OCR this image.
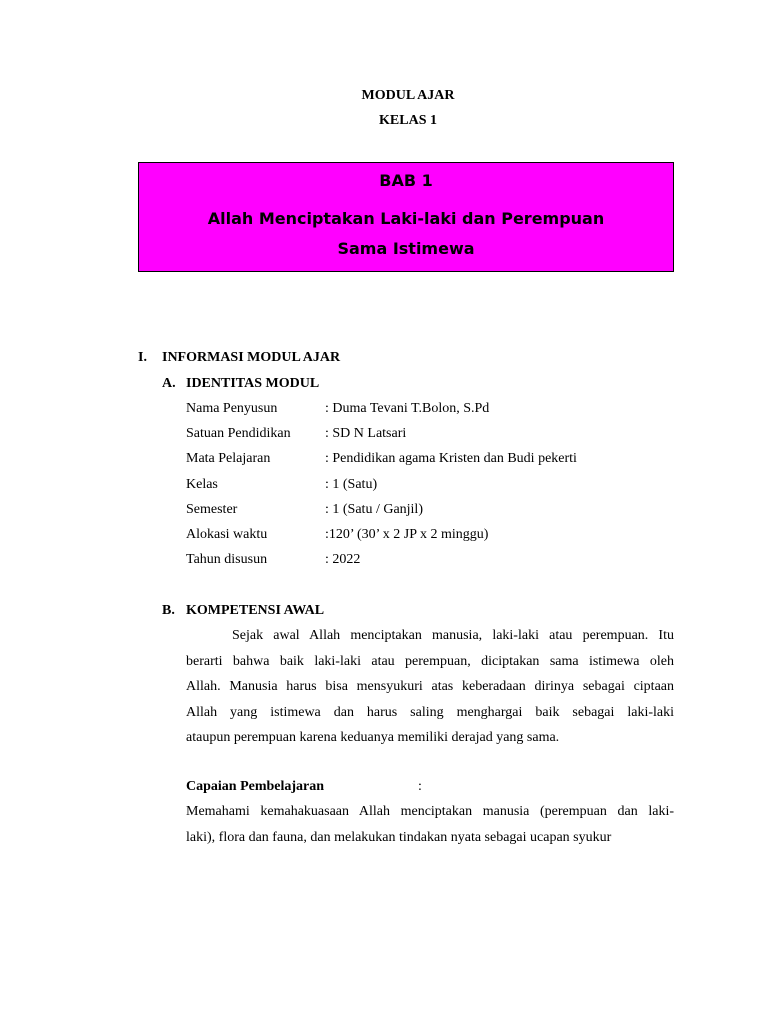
MODUL AJAR
KELAS 1
BAB 1
Allah Menciptakan Laki-laki dan Perempuan
Sama Istimewa
I. INFORMASI MODUL AJAR
A. IDENTITAS MODUL
Nama Penyusun	: Duma Tevani T.Bolon, S.Pd
Satuan Pendidikan : SD N Latsari
Mata Pelajaran	: Pendidikan agama Kristen dan Budi pekerti
Kelas	: 1 (Satu)
Semester	: 1 (Satu / Ganjil)
Alokasi waktu	:120’ (30’ x 2 JP x 2 minggu)
Tahun disusun	: 2022
B. KOMPETENSI AWAL
Sejak awal Allah menciptakan manusia, laki-laki atau perempuan. Itu
berarti bahwa baik laki-laki atau perempuan, diciptakan sama istimewa oleh
Allah. Manusia harus bisa mensyukuri atas keberadaan dirinya sebagai ciptaan
Allah yang istimewa dan harus saling menghargai baik sebagai laki-laki
ataupun perempuan karena keduanya memiliki derajad yang sama.
Capaian Pembelajaran	:
Memahami kemahakuasaan Allah menciptakan manusia (perempuan dan laki-
laki), flora dan fauna, dan melakukan tindakan nyata sebagai ucapan syukur
